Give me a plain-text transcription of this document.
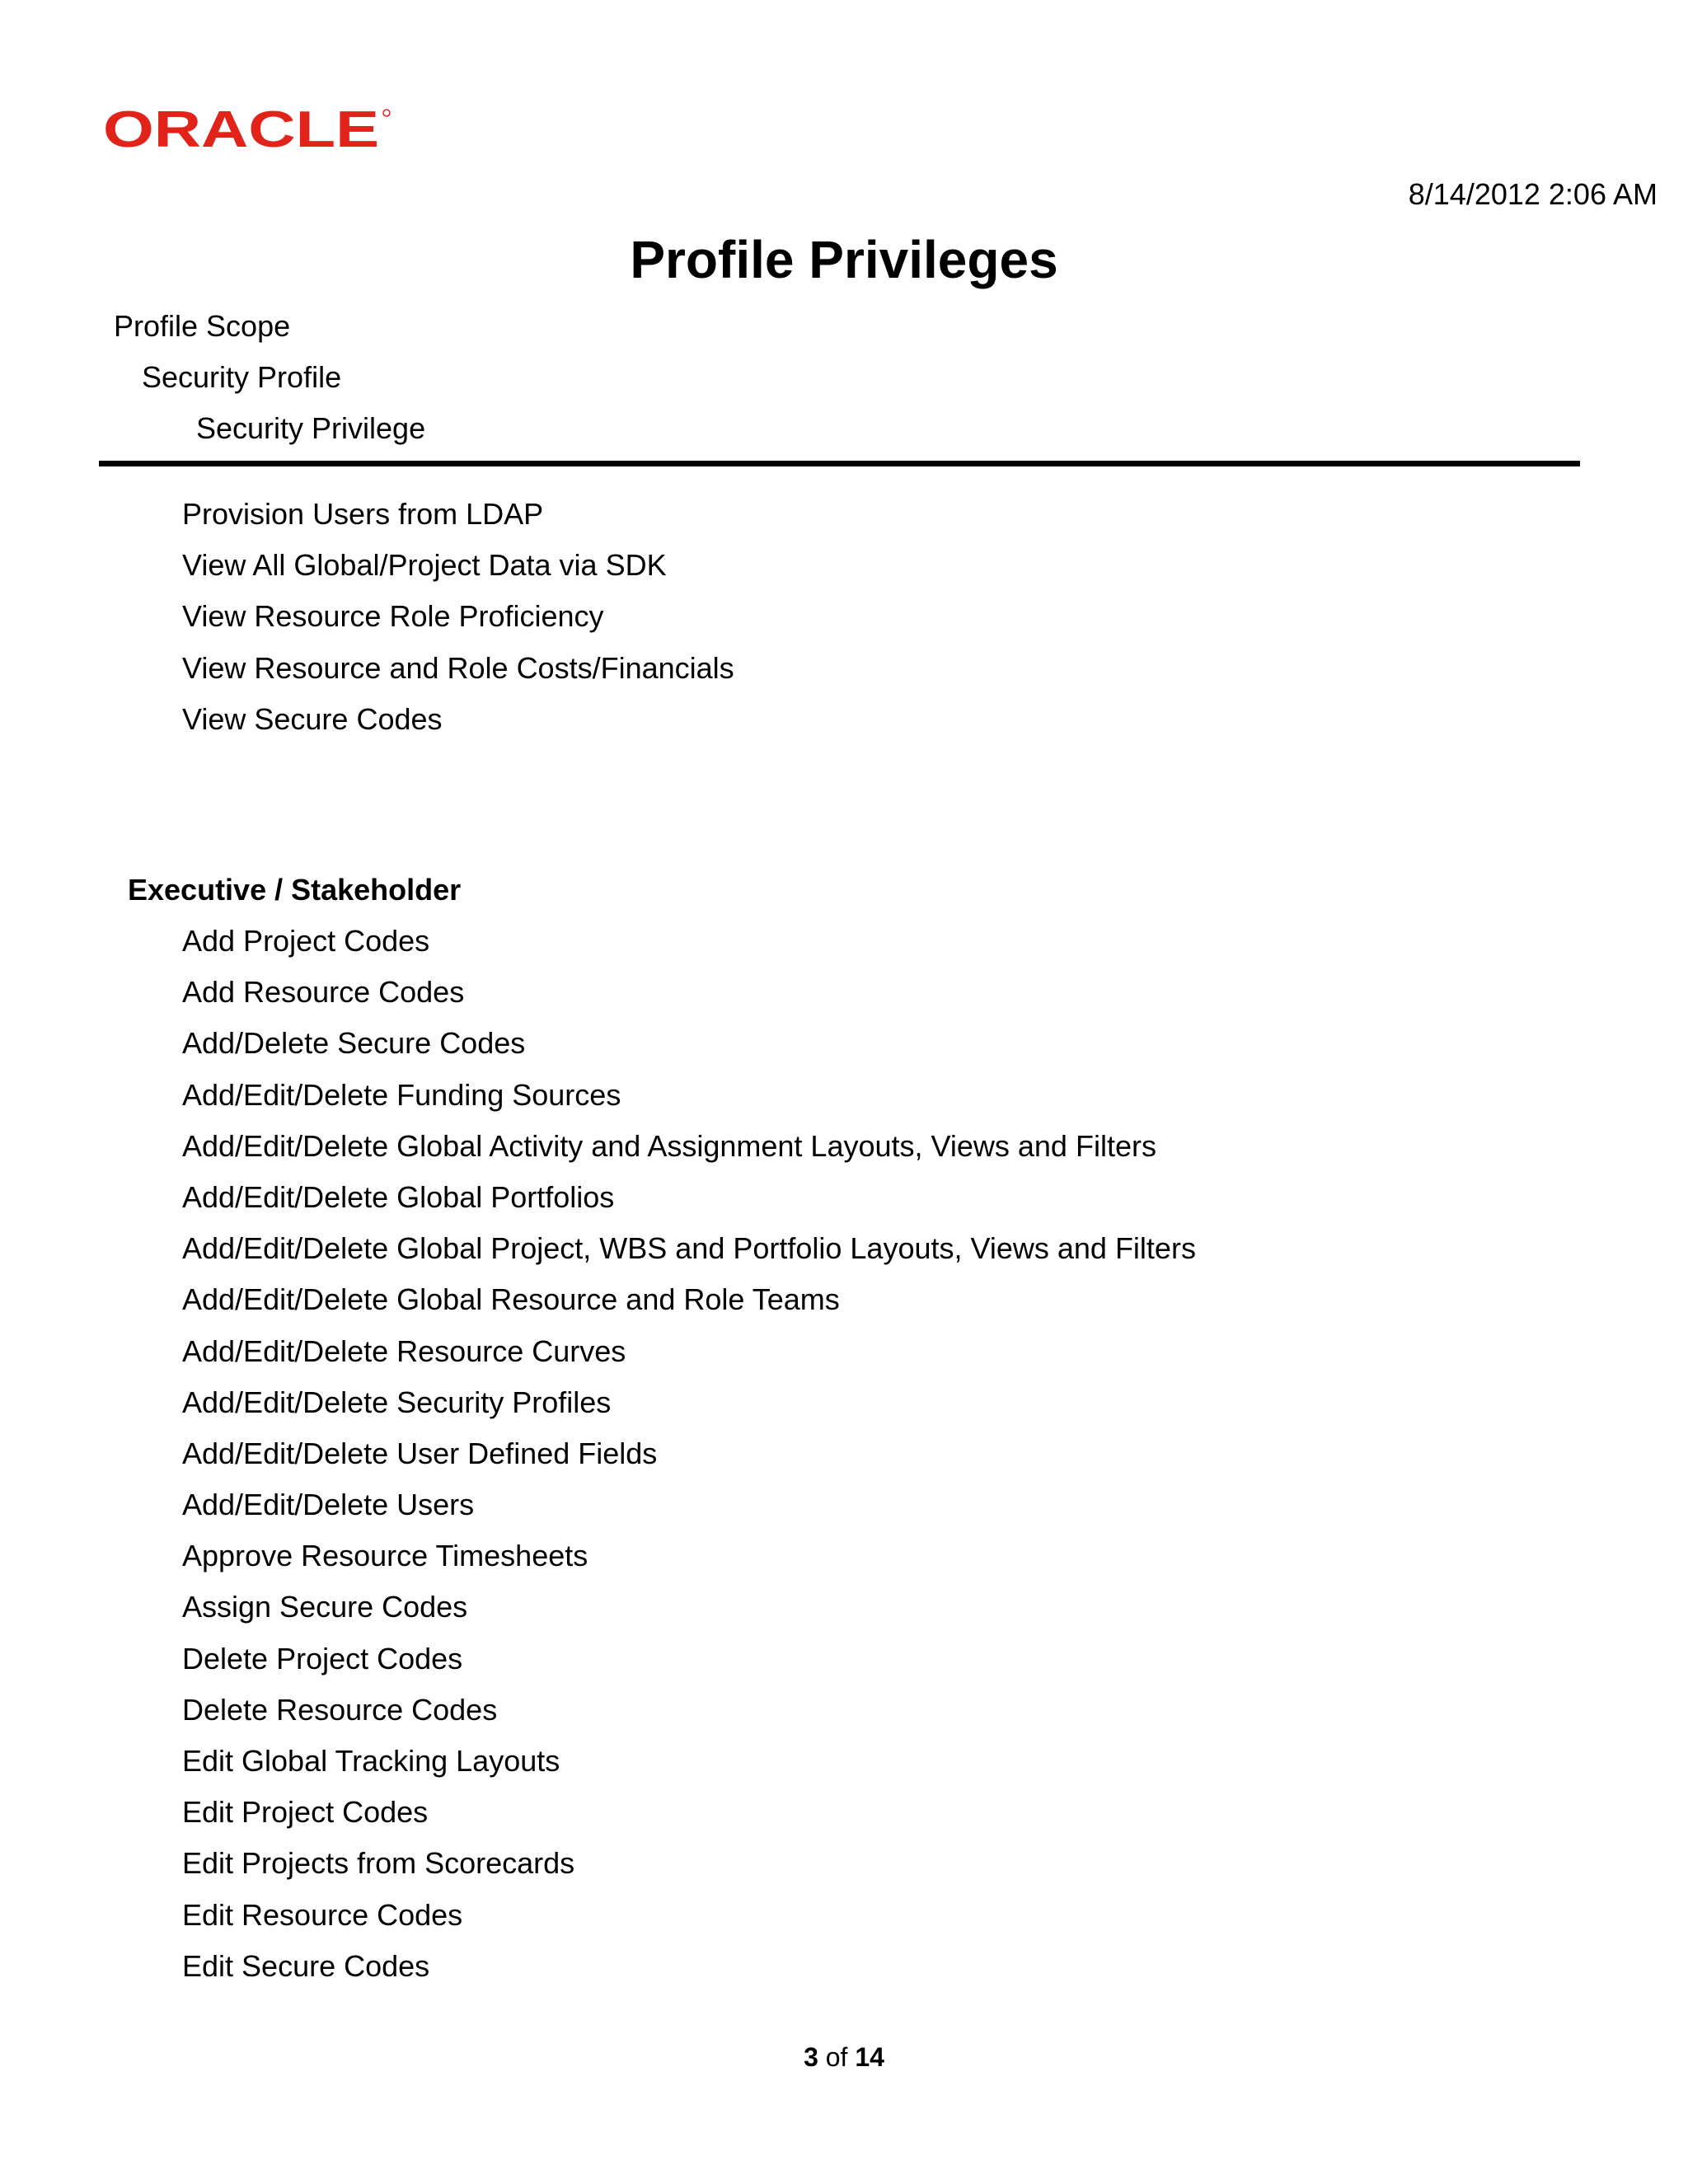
ORACLE
8/14/2012 2:06 AM
Profile Privileges
Profile Scope
Security Profile
Security Privilege
Provision Users from LDAP
View All Global/Project Data via SDK
View Resource Role Proficiency
View Resource and Role Costs/Financials
View Secure Codes
Executive / Stakeholder
Add Project Codes
Add Resource Codes
Add/Delete Secure Codes
Add/Edit/Delete Funding Sources
Add/Edit/Delete Global Activity and Assignment Layouts, Views and Filters
Add/Edit/Delete Global Portfolios
Add/Edit/Delete Global Project, WBS and Portfolio Layouts, Views and Filters
Add/Edit/Delete Global Resource and Role Teams
Add/Edit/Delete Resource Curves
Add/Edit/Delete Security Profiles
Add/Edit/Delete User Defined Fields
Add/Edit/Delete Users
Approve Resource Timesheets
Assign Secure Codes
Delete Project Codes
Delete Resource Codes
Edit Global Tracking Layouts
Edit Project Codes
Edit Projects from Scorecards
Edit Resource Codes
Edit Secure Codes
3 of 14
